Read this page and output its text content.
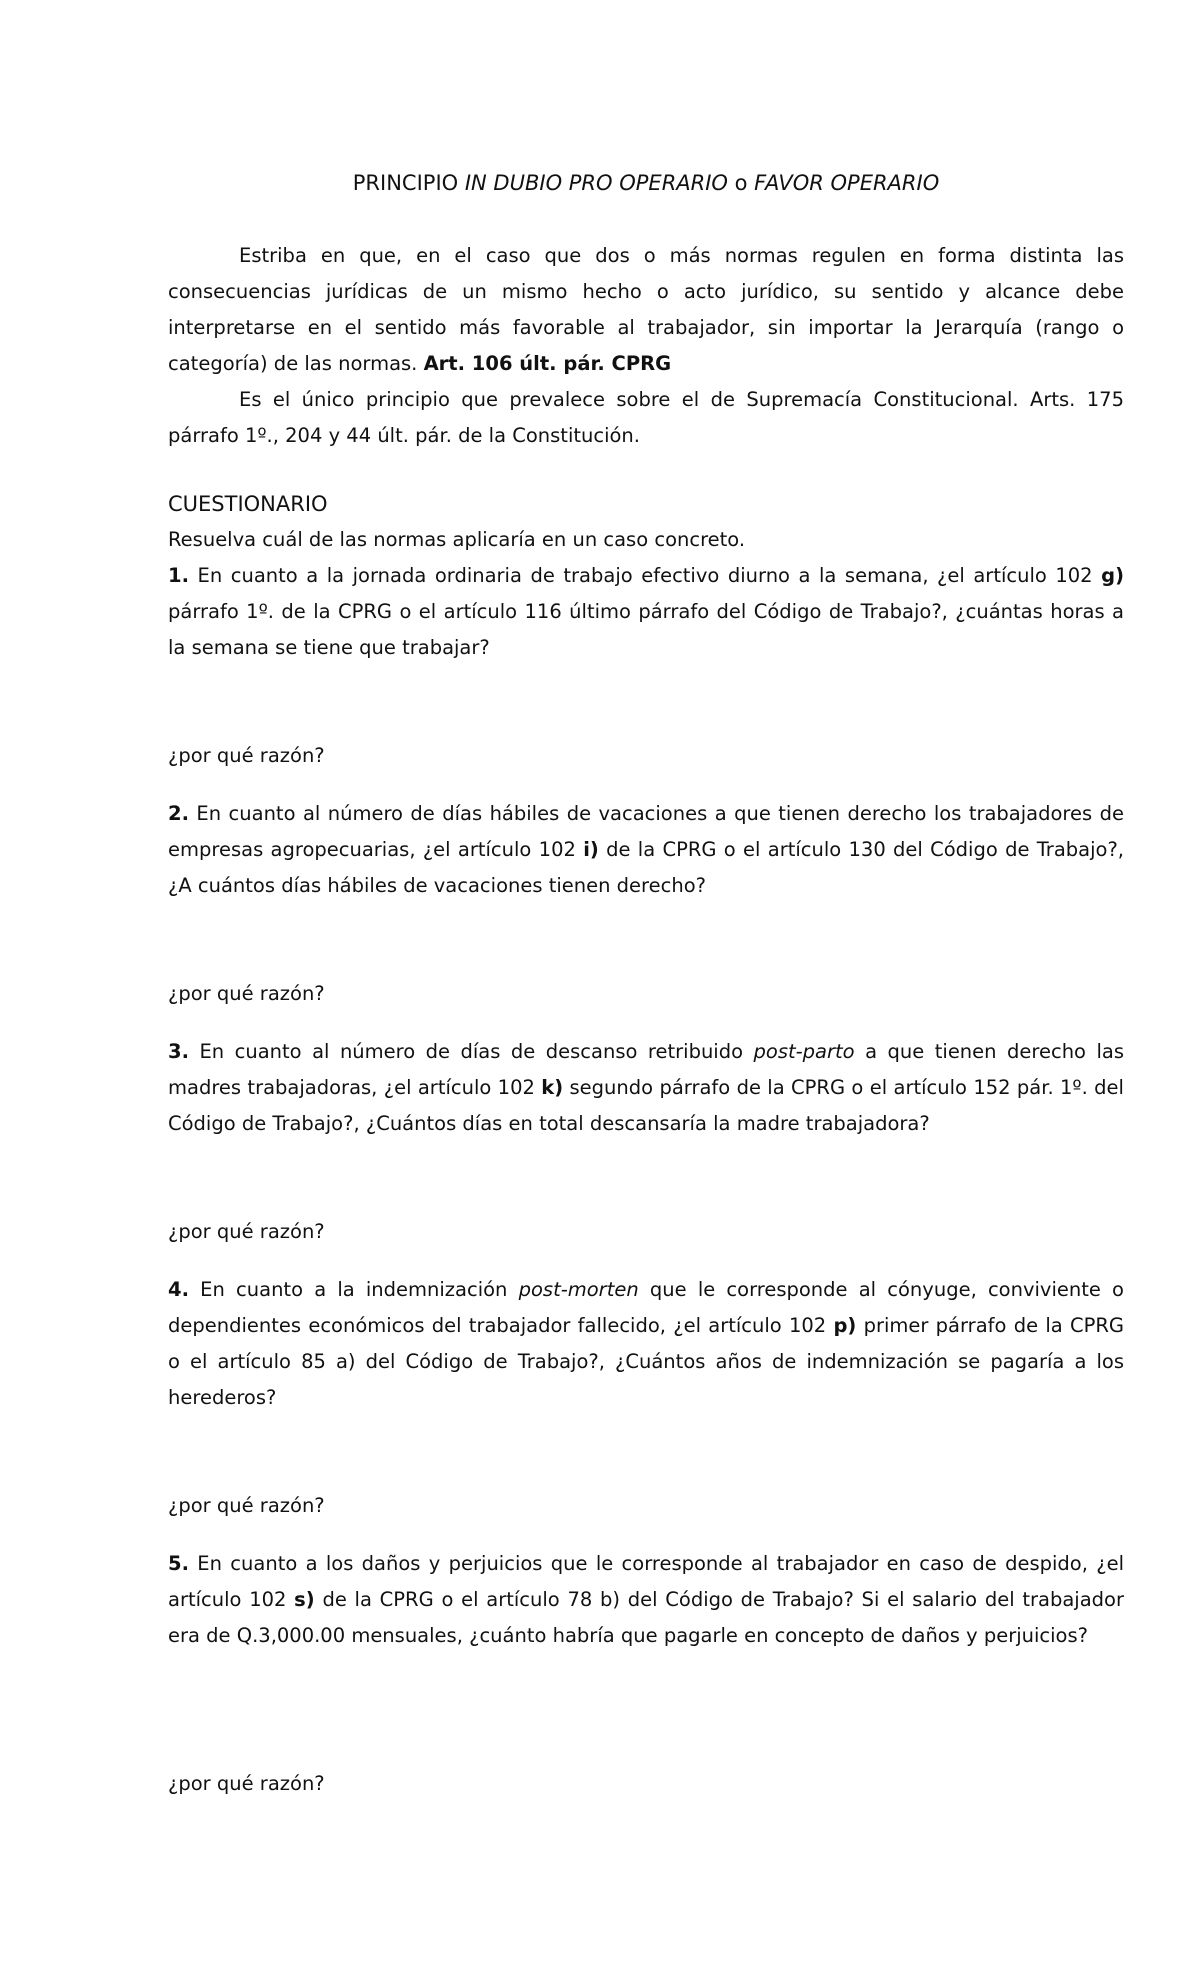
PRINCIPIO IN DUBIO PRO OPERARIO o FAVOR OPERARIO

Estriba en que, en el caso que dos o más normas regulen en forma distinta las consecuencias jurídicas de un mismo hecho o acto jurídico, su sentido y alcance debe interpretarse en el sentido más favorable al trabajador, sin importar la Jerarquía (rango o categoría) de las normas. Art. 106 últ. pár. CPRG

Es el único principio que prevalece sobre el de Supremacía Constitucional. Arts. 175 párrafo 1º., 204 y 44 últ. pár. de la Constitución.

CUESTIONARIO

Resuelva cuál de las normas aplicaría en un caso concreto.

1. En cuanto a la jornada ordinaria de trabajo efectivo diurno a la semana, ¿el artículo 102 g) párrafo 1º. de la CPRG o el artículo 116 último párrafo del Código de Trabajo?, ¿cuántas horas a la semana se tiene que trabajar?

¿por qué razón?

2. En cuanto al número de días hábiles de vacaciones a que tienen derecho los trabajadores de empresas agropecuarias, ¿el artículo 102 i) de la CPRG o el artículo 130 del Código de Trabajo?, ¿A cuántos días hábiles de vacaciones tienen derecho?

¿por qué razón?

3. En cuanto al número de días de descanso retribuido post-parto a que tienen derecho las madres trabajadoras, ¿el artículo 102 k) segundo párrafo de la CPRG o el artículo 152 pár. 1º. del Código de Trabajo?, ¿Cuántos días en total descansaría la madre trabajadora?

¿por qué razón?

4. En cuanto a la indemnización post-morten que le corresponde al cónyuge, conviviente o dependientes económicos del trabajador fallecido, ¿el artículo 102 p) primer párrafo de la CPRG o el artículo 85 a) del Código de Trabajo?, ¿Cuántos años de indemnización se pagaría a los herederos?

¿por qué razón?

5. En cuanto a los daños y perjuicios que le corresponde al trabajador en caso de despido, ¿el artículo 102 s) de la CPRG o el artículo 78 b) del Código de Trabajo? Si el salario del trabajador era de Q.3,000.00 mensuales, ¿cuánto habría que pagarle en concepto de daños y perjuicios?

¿por qué razón?
